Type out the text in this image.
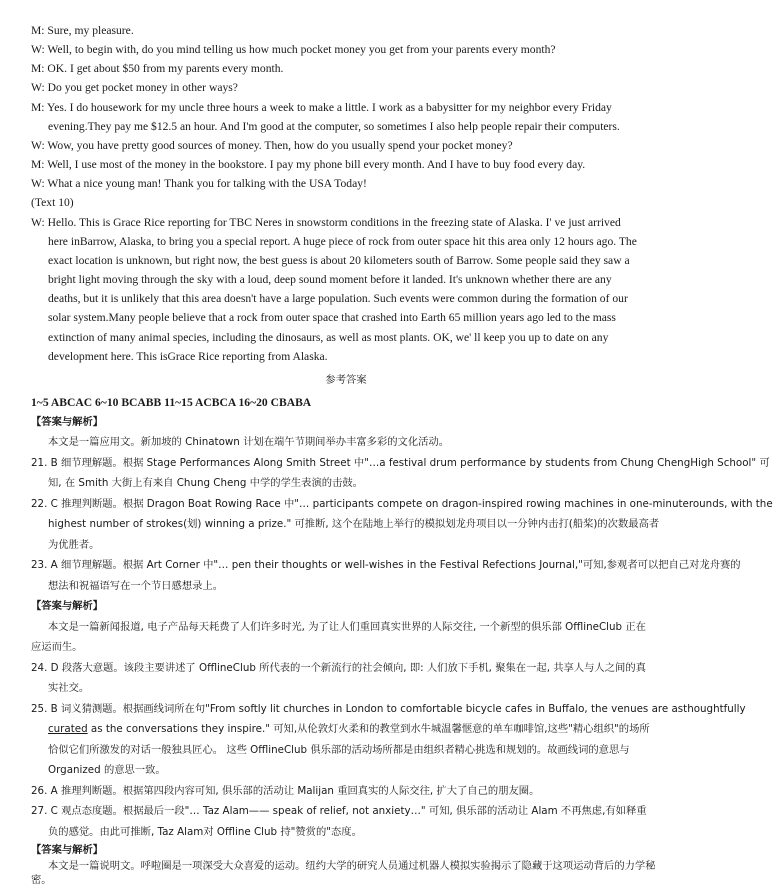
M: Sure, my pleasure.
W: Well, to begin with, do you mind telling us how much pocket money you get from your parents every month?
M: OK. I get about $50 from my parents every month.
W: Do you get pocket money in other ways?
M: Yes. I do housework for my uncle three hours a week to make a little. I work as a babysitter for my neighbor every Friday
evening.They pay me $12.5 an hour. And I'm good at the computer, so sometimes I also help people repair their computers.
W: Wow, you have pretty good sources of money. Then, how do you usually spend your pocket money?
M: Well, I use most of the money in the bookstore. I pay my phone bill every month. And I have to buy food every day.
W: What a nice young man! Thank you for talking with the USA Today!
(Text 10)
W: Hello. This is Grace Rice reporting for TBC Neres in snowstorm conditions in the freezing state of Alaska. I' ve just arrived
here inBarrow, Alaska, to bring you a special report. A huge piece of rock from outer space hit this area only 12 hours ago. The
exact location is unknown, but right now, the best guess is about 20 kilometers south of Barrow. Some people said they saw a
bright light moving through the sky with a loud, deep sound moment before it landed. It's unknown whether there are any
deaths, but it is unlikely that this area doesn't have a large population. Such events were common during the formation of our
solar system.Many people believe that a rock from outer space that crashed into Earth 65 million years ago led to the mass
extinction of many animal species, including the dinosaurs, as well as most plants. OK, we' ll keep you up to date on any
development here. This isGrace Rice reporting from Alaska.
参考答案
1~5 ABCAC 6~10 BCABB 11~15 ACBCA 16~20 CBABA
【答案与解析】
本文是一篇应用文。新加坡的 Chinatown 计划在端午节期间举办丰富多彩的文化活动。
21. B 细节理解题。根据 Stage Performances Along Smith Street 中"…a festival drum performance by students from Chung ChengHigh School" 可
知, 在 Smith 大街上有来自 Chung Cheng 中学的学生表演的击鼓。
22. C 推理判断题。根据 Dragon Boat Rowing Race 中"… participants compete on dragon-inspired rowing machines in one-minuterounds, with the
highest number of strokes(划) winning a prize." 可推断, 这个在陆地上举行的模拟划龙舟项目以一分钟内击打(船桨)的次数最高者
为优胜者。
23. A 细节理解题。根据 Art Corner 中"… pen their thoughts or well-wishes in the Festival Refections Journal,"可知,参观者可以把自己对龙舟赛的
想法和祝福语写在一个节日感想录上。
【答案与解析】
本文是一篇新闻报道, 电子产品每天耗费了人们许多时光, 为了让人们重回真实世界的人际交往, 一个新型的俱乐部 OfflineClub 正在
应运而生。
24. D 段落大意题。该段主要讲述了 OfflineClub 所代表的一个新流行的社会倾向, 即: 人们放下手机, 聚集在一起, 共享人与人之间的真
实社交。
25. B 词义猜测题。根据画线词所在句"From softly lit churches in London to comfortable bicycle cafes in Buffalo, the venues are asthoughtfully
curated as the conversations they inspire." 可知,从伦敦灯火柔和的教堂到水牛城温馨惬意的单车咖啡馆,这些"精心组织"的场所
恰似它们所激发的对话一般独具匠心。 这些 OfflineClub 俱乐部的活动场所都是由组织者精心挑选和规划的。故画线词的意思与
Organized 的意思一致。
26. A 推理判断题。根据第四段内容可知, 俱乐部的活动让 Malijan 重回真实的人际交往, 扩大了自己的朋友圈。
27. C 观点态度题。根据最后一段"… Taz Alam—— speak of relief, not anxiety…" 可知, 俱乐部的活动让 Alam 不再焦虑,有如释重
负的感觉。由此可推断, Taz Alam对 Offline Club 持"赞赏的"态度。
【答案与解析】
本文是一篇说明文。呼啦圈是一项深受大众喜爱的运动。纽约大学的研究人员通过机器人模拟实验揭示了隐藏于这项运动背后的力学秘
密。
